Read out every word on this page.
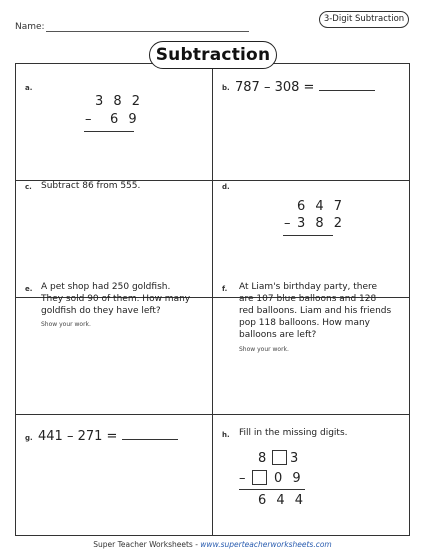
Name:
3-Digit Subtraction
Subtraction
a.
3 8 2
– 6 9
b. 787 – 308 =
c. Subtract 86 from 555.	d.
6 4 7
– 3 8 2
e. A pet shop had 250 goldfish.
They sold 90 of them. How many
goldfish do they have left?
Show your work.
f. At Liam's birthday party, there
are 107 blue balloons and 128
red balloons. Liam and his friends
pop 118 balloons. How many
balloons are left?
Show your work.
g. 441 – 271 =	h. Fill in the missing digits.
8 3
– 0 9
6 4 4
Super Teacher Worksheets - www.superteacherworksheets.com
